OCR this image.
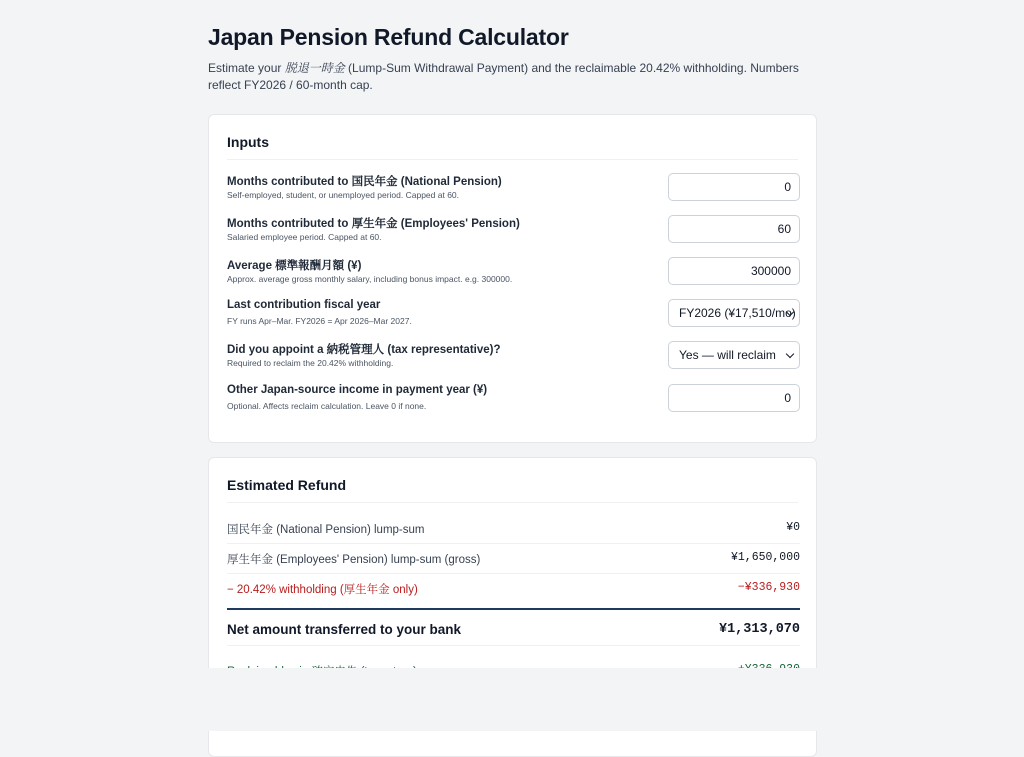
Japan Pension Refund Calculator

Estimate your 脱退一時金 (Lump-Sum Withdrawal Payment) and the reclaimable 20.42% withholding. Numbers reflect FY2026 / 60-month cap.

Inputs
Months contributed to 国民年金 (National Pension)
Self-employed, student, or unemployed period. Capped at 60.
0
Months contributed to 厚生年金 (Employees' Pension)
Salaried employee period. Capped at 60.
60
Average 標準報酬月額 (¥)
Approx. average gross monthly salary, including bonus impact. e.g. 300000.
300000
Last contribution fiscal year
FY runs Apr–Mar. FY2026 = Apr 2026–Mar 2027.
FY2026 (¥17,510/mo)
Did you appoint a 納税管理人 (tax representative)?
Required to reclaim the 20.42% withholding.
Yes — will reclaim
Other Japan-source income in payment year (¥)
Optional. Affects reclaim calculation. Leave 0 if none.
0
Estimated Refund
国民年金 (National Pension) lump-sum	¥0
厚生年金 (Employees' Pension) lump-sum (gross)	¥1,650,000
− 20.42% withholding (厚生年金 only)	−¥336,930
Net amount transferred to your bank	¥1,313,070
